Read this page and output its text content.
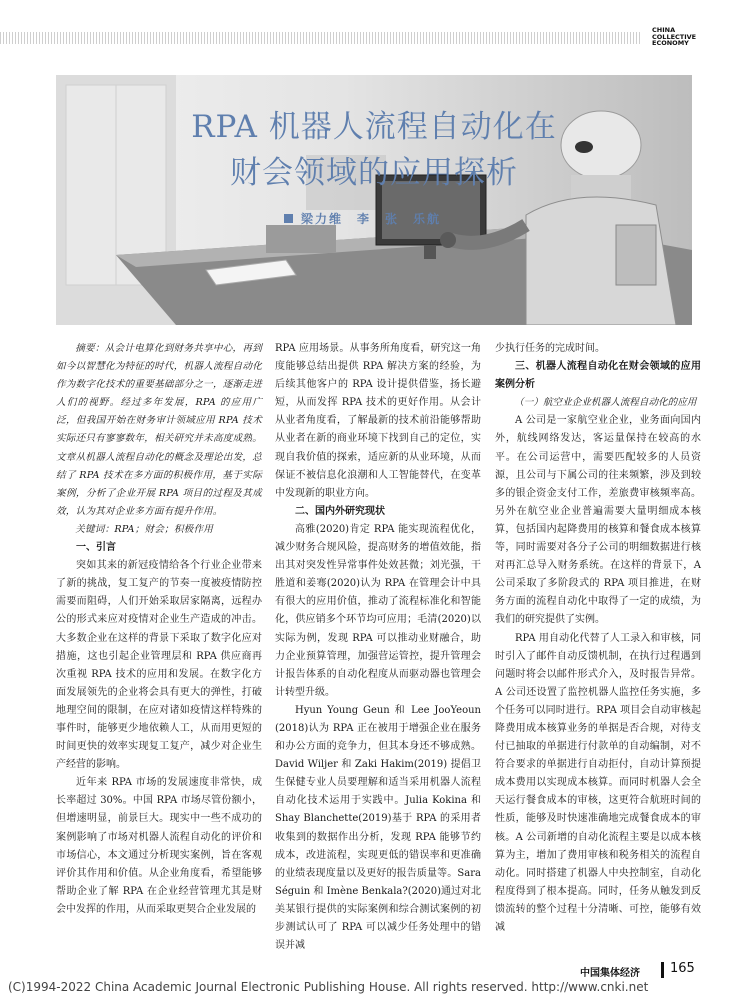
CHINA
COLLECTIVE
ECONOMY
RPA 机器人流程自动化在
财会领域的应用探析
梁力维 李 张 乐航

摘要：从会计电算化到财务共享中心，再到如今以智慧化为特征的时代，机器人流程自动化作为数字化技术的重要基础部分之一，逐渐走进人们的视野。经过多年发展，RPA 的应用广泛，但我国开始在财务审计领域应用 RPA 技术实际还只有寥寥数年，相关研究并未高度成熟。文章从机器人流程自动化的概念及理论出发，总结了 RPA 技术在多方面的积极作用，基于实际案例，分析了企业开展 RPA 项目的过程及其成效，认为其对企业多方面有提升作用。

关键词：RPA；财会；积极作用

一、引言

突如其来的新冠疫情给各个行业企业带来了新的挑战，复工复产的节奏一度被疫情防控需要而阻碍，人们开始采取居家隔离，远程办公的形式来应对疫情对企业生产造成的冲击。大多数企业在这样的背景下采取了数字化应对措施，这也引起企业管理层和 RPA 供应商再次重视 RPA 技术的应用和发展。在数字化方面发展领先的企业将会具有更大的弹性，打破地理空间的限制，在应对诸如疫情这样特殊的事件时，能够更少地依赖人工，从而用更短的时间更快的效率实现复工复产，减少对企业生产经营的影响。

近年来 RPA 市场的发展速度非常快，成长率超过 30%。中国 RPA 市场尽管份额小，但增速明显，前景巨大。现实中一些不成功的案例影响了市场对机器人流程自动化的评价和市场信心，本文通过分析现实案例，旨在客观评价其作用和价值。从企业角度看，希望能够帮助企业了解 RPA 在企业经营管理尤其是财会中发挥的作用，从而采取更契合企业发展的

RPA 应用场景。从事务所角度看，研究这一角度能够总结出提供 RPA 解决方案的经验，为后续其他客户的 RPA 设计提供借鉴，扬长避短，从而发挥 RPA 技术的更好作用。从会计从业者角度看，了解最新的技术前沿能够帮助从业者在新的商业环境下找到自己的定位，实现自我价值的探索，适应新的从业环境，从而保证不被信息化浪潮和人工智能替代，在变革中发现新的职业方向。

二、国内外研究现状

高雅(2020)肯定 RPA 能实现流程优化，减少财务合规风险，提高财务的增值效能，指出其对突发性异常事件处效甚微；刘光强，干胜道和姜骞(2020)认为 RPA 在管理会计中具有很大的应用价值，推动了流程标准化和智能化，供应销多个环节均可应用；毛清(2020)以实际为例，发现 RPA 可以推动业财融合，助力企业预算管理，加强营运管控，提升管理会计报告体系的自动化程度从而驱动器也管理会计转型升级。

Hyun Young Geun 和 Lee JooYeoun (2018)认为 RPA 正在被用于增强企业在服务和办公方面的竞争力，但其本身还不够成熟。David Wiljer 和 Zaki Hakim(2019) 提倡卫生保健专业人员要理解和适当采用机器人流程自动化技术运用于实践中。Julia Kokina 和 Shay Blanchette(2019)基于 RPA 的采用者收集到的数据作出分析，发现 RPA 能够节约成本，改进流程，实现更低的错误率和更准确的业绩表现度量以及更好的报告质量等。Sara Séguin 和 Imène Benkala?(2020)通过对北美某银行提供的实际案例和综合测试案例的初步测试认可了 RPA 可以减少任务处理中的错误并减

少执行任务的完成时间。

三、机器人流程自动化在财会领域的应用案例分析

（一）航空业企业机器人流程自动化的应用

A 公司是一家航空业企业，业务面向国内外，航线网络发达，客运量保持在较高的水平。在公司运营中，需要匹配较多的人员资源，且公司与下属公司的往来频繁，涉及到较多的银企资金支付工作，差旅费审核频率高。另外在航空业企业普遍需要大量明细成本核算，包括国内起降费用的核算和餐食成本核算等，同时需要对各分子公司的明细数据进行核对再汇总导入财务系统。在这样的背景下，A 公司采取了多阶段式的 RPA 项目推进，在财务方面的流程自动化中取得了一定的成绩，为我们的研究提供了实例。

RPA 用自动化代替了人工录入和审核，同时引入了邮件自动反馈机制，在执行过程遇到问题时将会以邮件形式介入，及时报告异常。A 公司还设置了监控机器人监控任务实施，多个任务可以同时进行。RPA 项目会自动审核起降费用成本核算业务的单据是否合规，对待支付已抽取的单据进行付款单的自动编制，对不符合要求的单据进行自动拒付，自动计算预提成本费用以实现成本核算。而同时机器人会全天运行餐食成本的审核，这更符合航班时间的性质，能够及时快速准确地完成餐食成本的审核。A 公司新增的自动化流程主要是以成本核算为主，增加了费用审核和税务相关的流程自动化。同时搭建了机器人中央控制室，自动化程度得到了根本提高。同时，任务从触发到反馈流转的整个过程十分清晰、可控，能够有效减

中国集体经济 165
(C)1994-2022 China Academic Journal Electronic Publishing House. All rights reserved. http://www.cnki.net
